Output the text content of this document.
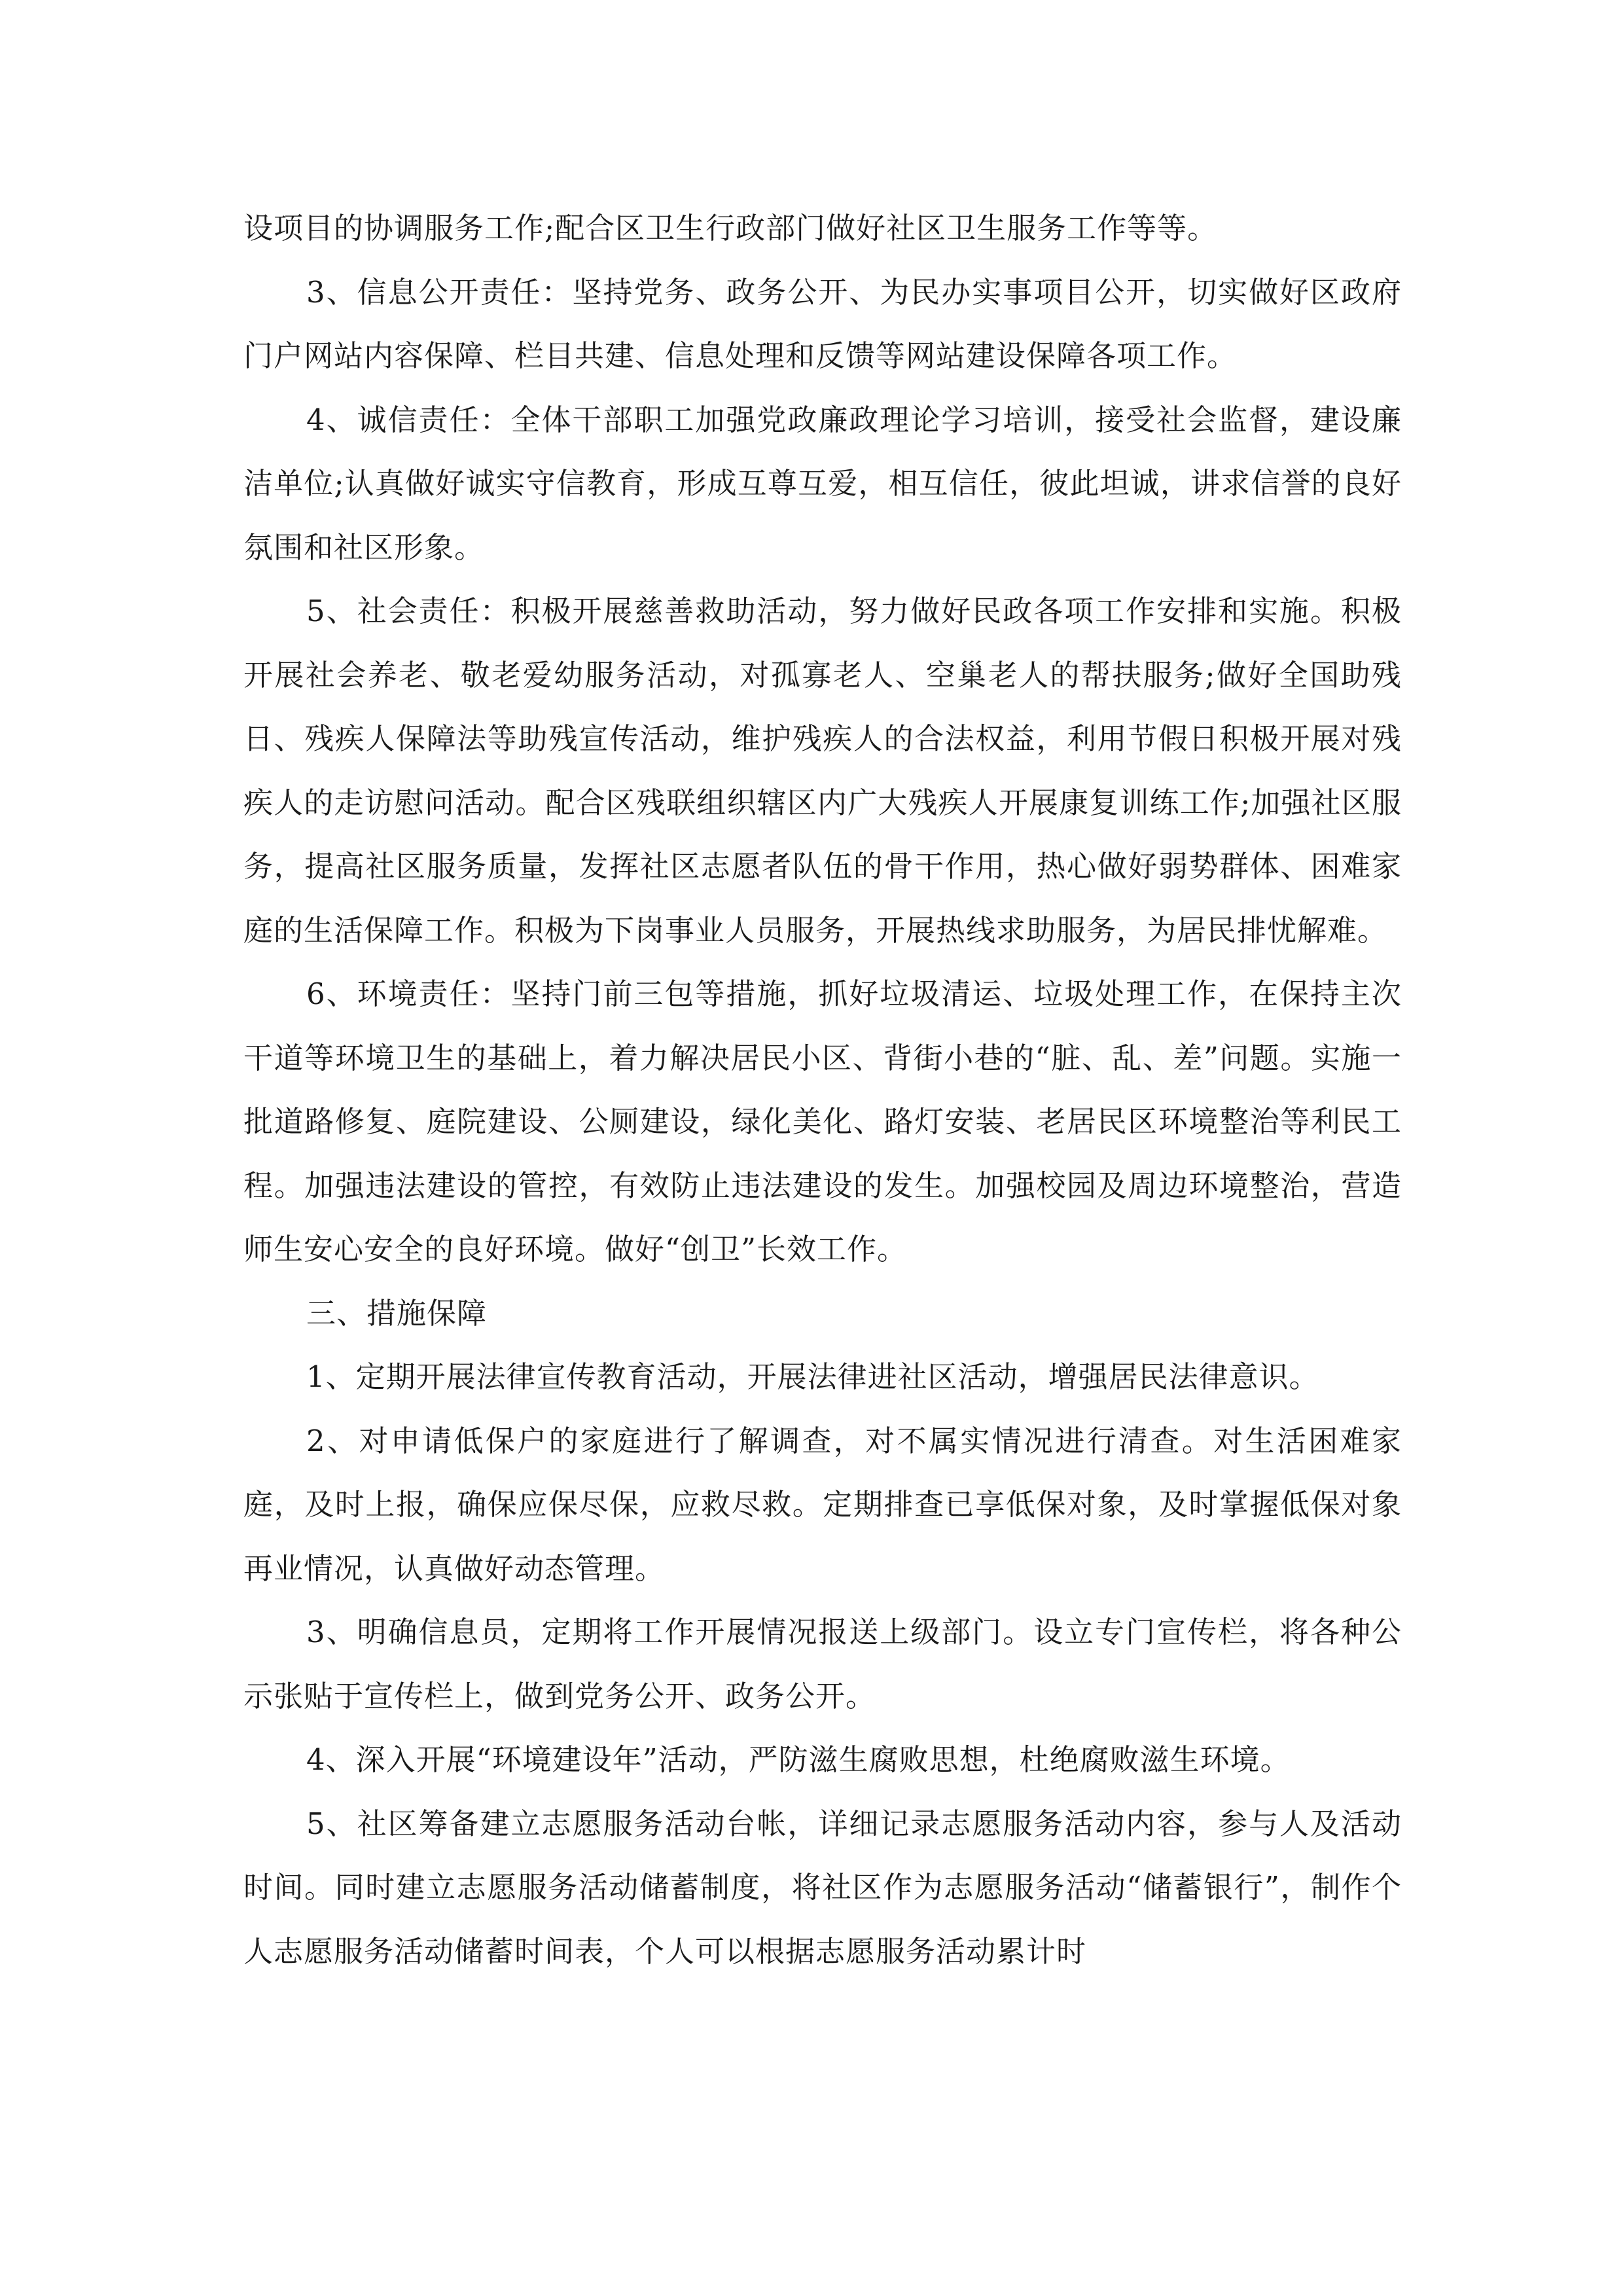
设项目的协调服务工作;配合区卫生行政部门做好社区卫生服务工作等等。

3、信息公开责任：坚持党务、政务公开、为民办实事项目公开，切实做好区政府门户网站内容保障、栏目共建、信息处理和反馈等网站建设保障各项工作。

4、诚信责任：全体干部职工加强党政廉政理论学习培训，接受社会监督，建设廉洁单位;认真做好诚实守信教育，形成互尊互爱，相互信任，彼此坦诚，讲求信誉的良好氛围和社区形象。

5、社会责任：积极开展慈善救助活动，努力做好民政各项工作安排和实施。积极开展社会养老、敬老爱幼服务活动，对孤寡老人、空巢老人的帮扶服务;做好全国助残日、残疾人保障法等助残宣传活动，维护残疾人的合法权益，利用节假日积极开展对残疾人的走访慰问活动。配合区残联组织辖区内广大残疾人开展康复训练工作;加强社区服务，提高社区服务质量，发挥社区志愿者队伍的骨干作用，热心做好弱势群体、困难家庭的生活保障工作。积极为下岗事业人员服务，开展热线求助服务，为居民排忧解难。

6、环境责任：坚持门前三包等措施，抓好垃圾清运、垃圾处理工作，在保持主次干道等环境卫生的基础上，着力解决居民小区、背街小巷的“脏、乱、差”问题。实施一批道路修复、庭院建设、公厕建设，绿化美化、路灯安装、老居民区环境整治等利民工程。加强违法建设的管控，有效防止违法建设的发生。加强校园及周边环境整治，营造师生安心安全的良好环境。做好“创卫”长效工作。

三、措施保障

1、定期开展法律宣传教育活动，开展法律进社区活动，增强居民法律意识。

2、对申请低保户的家庭进行了解调查，对不属实情况进行清查。对生活困难家庭，及时上报，确保应保尽保，应救尽救。定期排查已享低保对象，及时掌握低保对象再业情况，认真做好动态管理。

3、明确信息员，定期将工作开展情况报送上级部门。设立专门宣传栏，将各种公示张贴于宣传栏上，做到党务公开、政务公开。

4、深入开展“环境建设年”活动，严防滋生腐败思想，杜绝腐败滋生环境。

5、社区筹备建立志愿服务活动台帐，详细记录志愿服务活动内容，参与人及活动时间。同时建立志愿服务活动储蓄制度，将社区作为志愿服务活动“储蓄银行”，制作个人志愿服务活动储蓄时间表，个人可以根据志愿服务活动累计时
